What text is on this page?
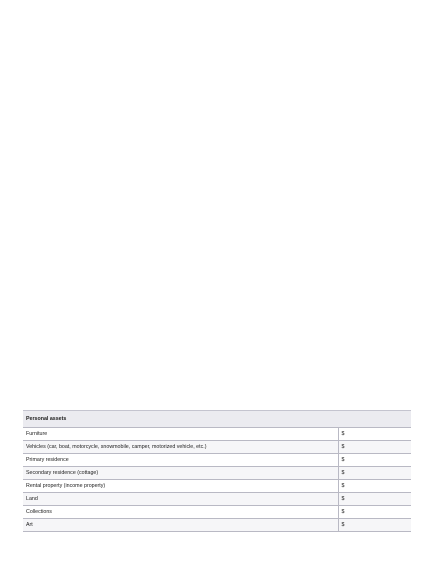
Personal assets	
Furniture	$
Vehicles (car, boat, motorcycle, snowmobile, camper, motorized vehicle, etc.)	$
Primary residence	$
Secondary residence (cottage)	$
Rental property (income property)	$
Land	$
Collections	$
Art	$
